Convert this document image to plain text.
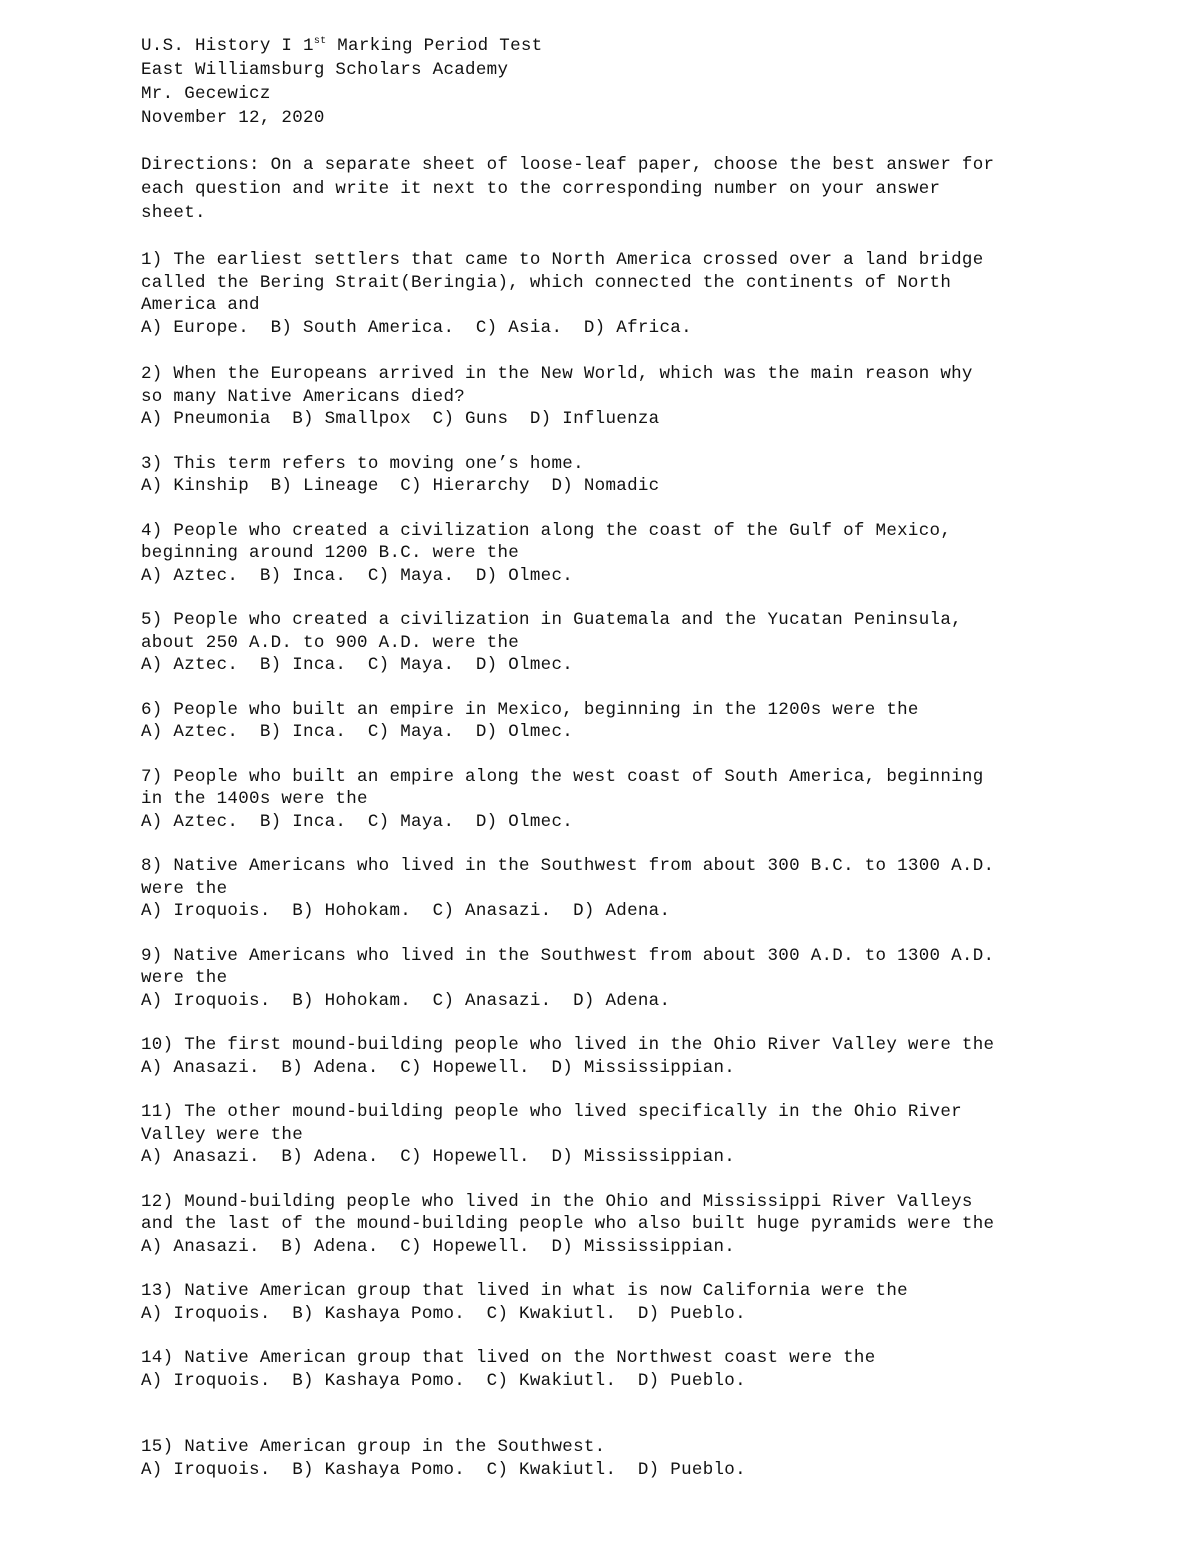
U.S. History I 1st Marking Period Test
East Williamsburg Scholars Academy
Mr. Gecewicz
November 12, 2020
Directions: On a separate sheet of loose-leaf paper, choose the best answer for
each question and write it next to the corresponding number on your answer
sheet.
1) The earliest settlers that came to North America crossed over a land bridge
called the Bering Strait(Beringia), which connected the continents of North
America and
A) Europe.  B) South America.  C) Asia.  D) Africa.
2) When the Europeans arrived in the New World, which was the main reason why
so many Native Americans died?
A) Pneumonia  B) Smallpox  C) Guns  D) Influenza
3) This term refers to moving one’s home.
A) Kinship  B) Lineage  C) Hierarchy  D) Nomadic
4) People who created a civilization along the coast of the Gulf of Mexico,
beginning around 1200 B.C. were the
A) Aztec.  B) Inca.  C) Maya.  D) Olmec.
5) People who created a civilization in Guatemala and the Yucatan Peninsula,
about 250 A.D. to 900 A.D. were the
A) Aztec.  B) Inca.  C) Maya.  D) Olmec.
6) People who built an empire in Mexico, beginning in the 1200s were the
A) Aztec.  B) Inca.  C) Maya.  D) Olmec.
7) People who built an empire along the west coast of South America, beginning
in the 1400s were the
A) Aztec.  B) Inca.  C) Maya.  D) Olmec.
8) Native Americans who lived in the Southwest from about 300 B.C. to 1300 A.D.
were the
A) Iroquois.  B) Hohokam.  C) Anasazi.  D) Adena.
9) Native Americans who lived in the Southwest from about 300 A.D. to 1300 A.D.
were the
A) Iroquois.  B) Hohokam.  C) Anasazi.  D) Adena.
10) The first mound-building people who lived in the Ohio River Valley were the
A) Anasazi.  B) Adena.  C) Hopewell.  D) Mississippian.
11) The other mound-building people who lived specifically in the Ohio River
Valley were the
A) Anasazi.  B) Adena.  C) Hopewell.  D) Mississippian.
12) Mound-building people who lived in the Ohio and Mississippi River Valleys
and the last of the mound-building people who also built huge pyramids were the
A) Anasazi.  B) Adena.  C) Hopewell.  D) Mississippian.
13) Native American group that lived in what is now California were the
A) Iroquois.  B) Kashaya Pomo.  C) Kwakiutl.  D) Pueblo.
14) Native American group that lived on the Northwest coast were the
A) Iroquois.  B) Kashaya Pomo.  C) Kwakiutl.  D) Pueblo.
15) Native American group in the Southwest.
A) Iroquois.  B) Kashaya Pomo.  C) Kwakiutl.  D) Pueblo.
